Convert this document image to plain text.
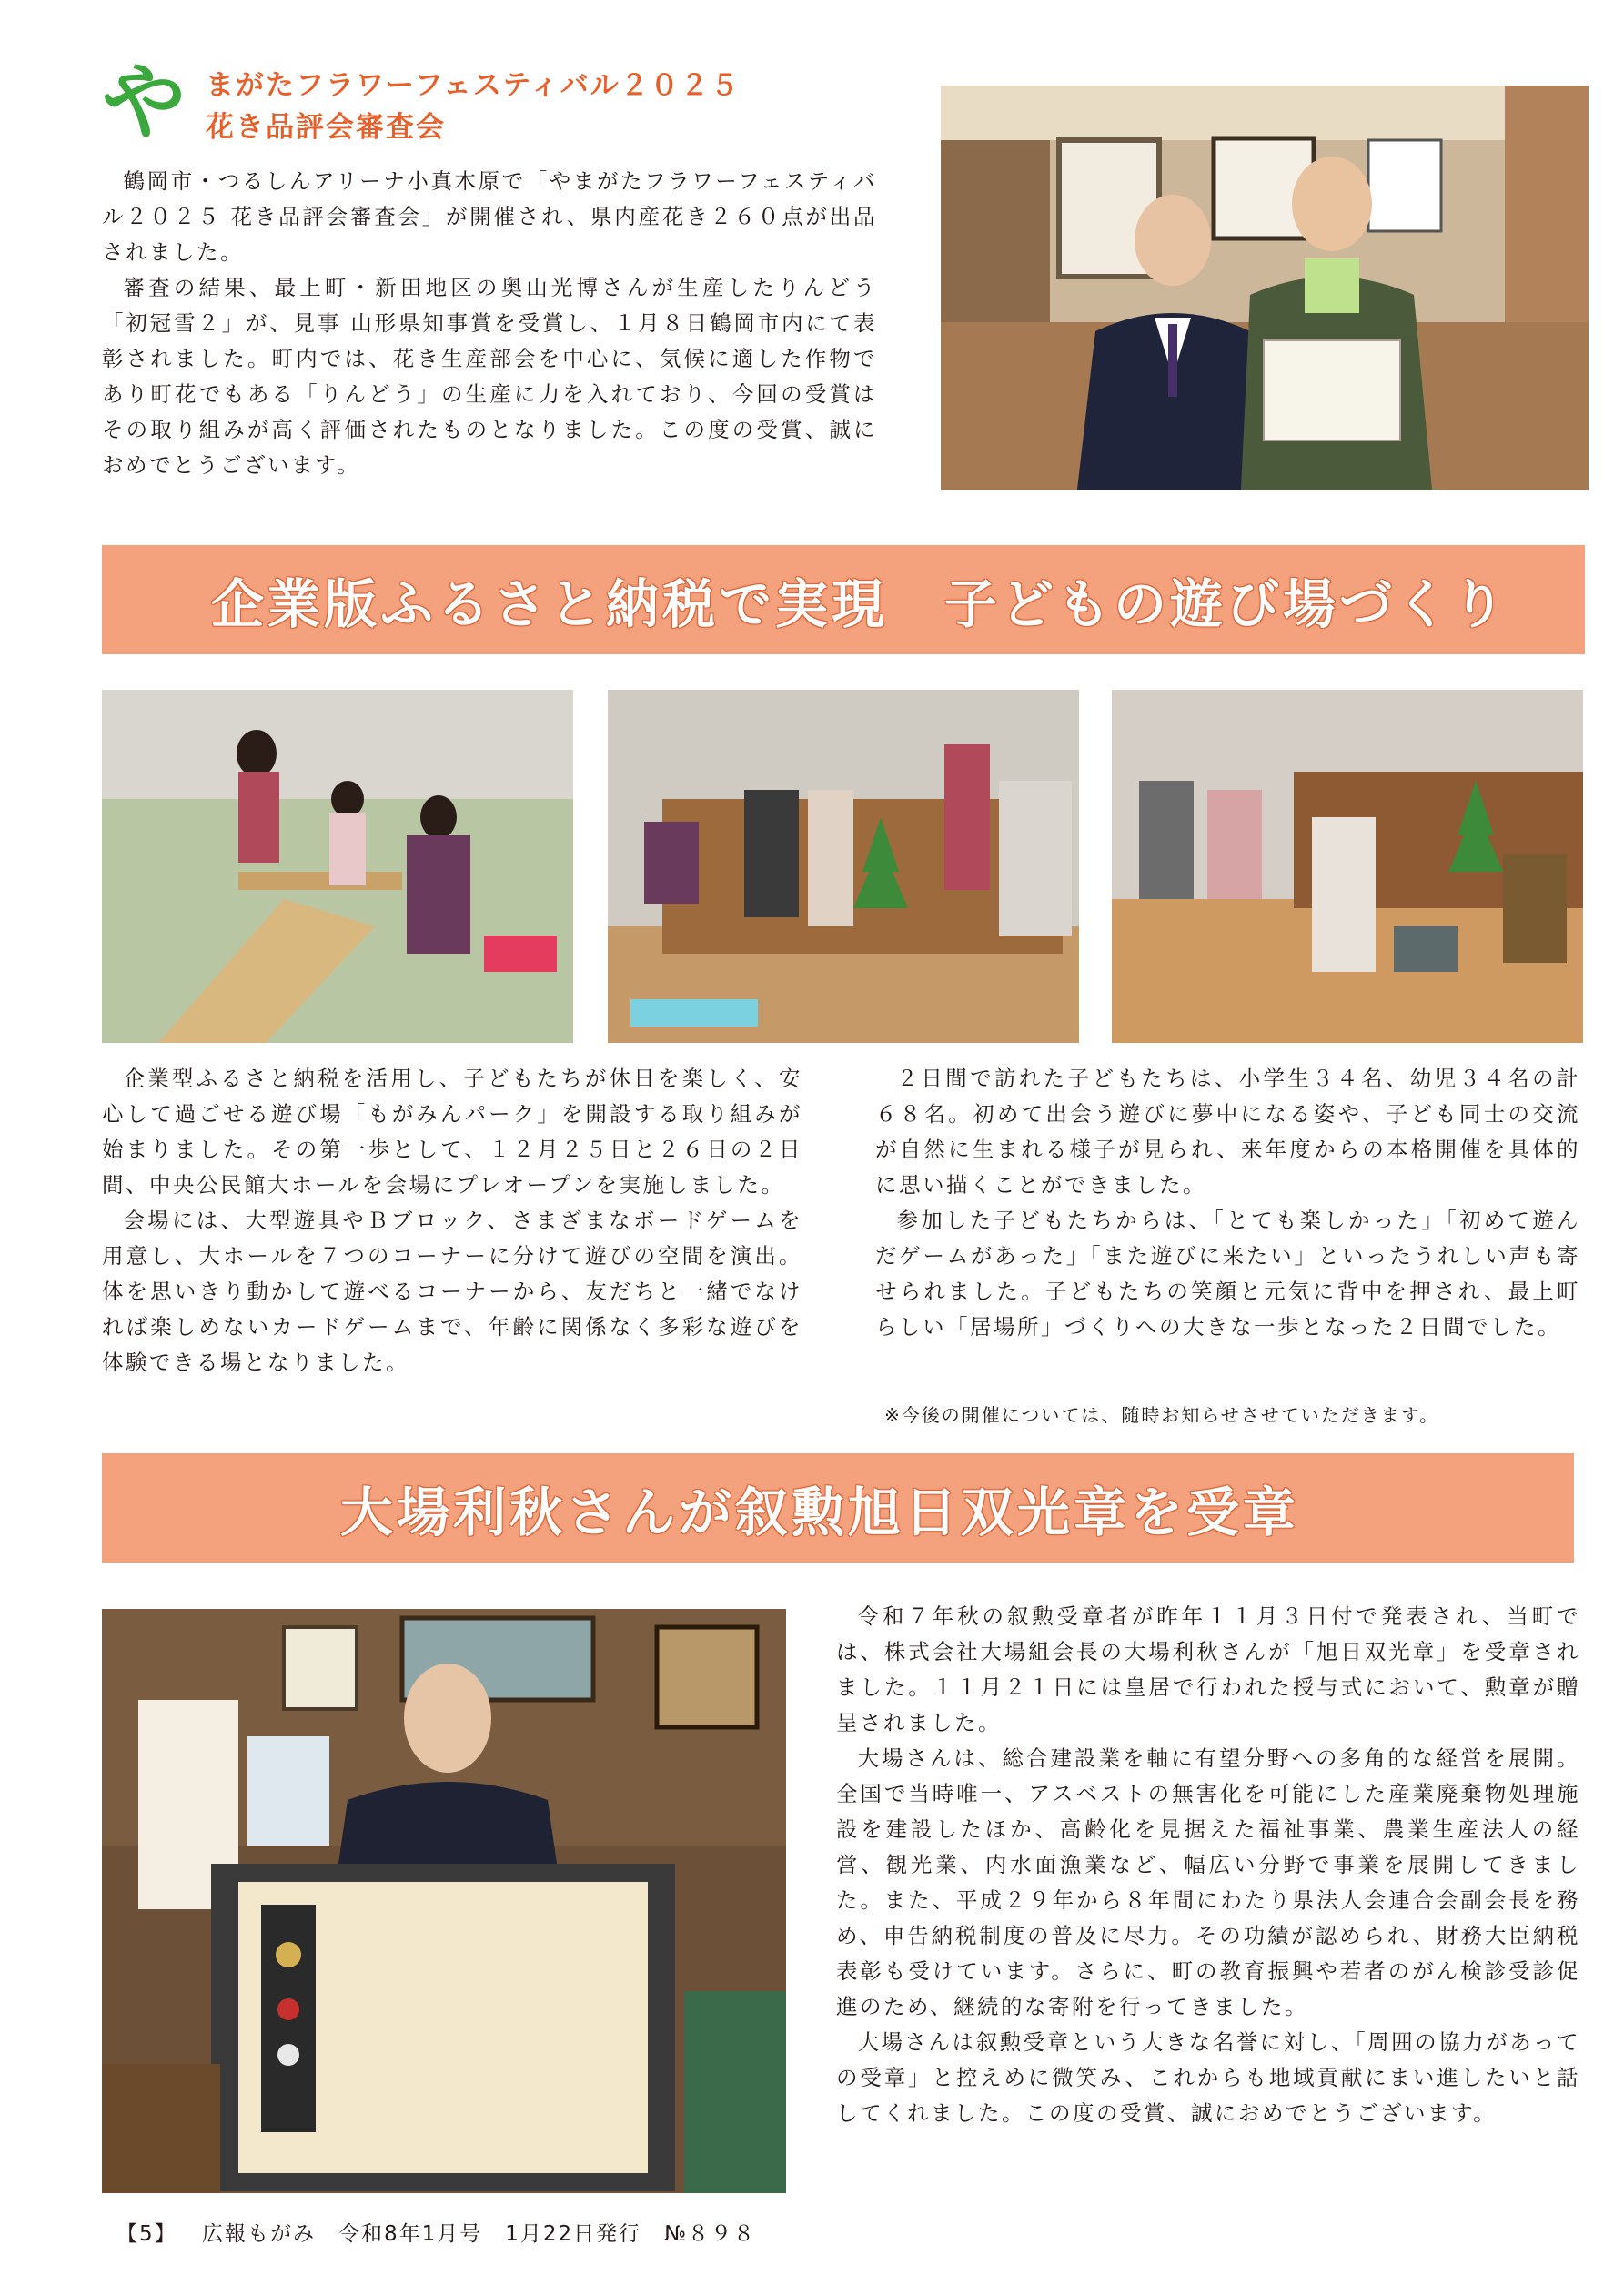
や まがたフラワーフェスティバル２０２５
花き品評会審査会

鶴岡市・つるしんアリーナ小真木原で「やまがたフラワーフェスティバル２０２５ 花き品評会審査会」が開催され、県内産花き２６０点が出品されました。

審査の結果、最上町・新田地区の奥山光博さんが生産したりんどう「初冠雪２」が、見事 山形県知事賞を受賞し、１月８日鶴岡市内にて表彰されました。町内では、花き生産部会を中心に、気候に適した作物であり町花でもある「りんどう」の生産に力を入れており、今回の受賞はその取り組みが高く評価されたものとなりました。この度の受賞、誠におめでとうございます。

企業版ふるさと納税で実現　子どもの遊び場づくり

企業型ふるさと納税を活用し、子どもたちが休日を楽しく、安心して過ごせる遊び場「もがみんパーク」を開設する取り組みが始まりました。その第一歩として、１２月２５日と２６日の２日間、中央公民館大ホールを会場にプレオープンを実施しました。

会場には、大型遊具やＢブロック、さまざまなボードゲームを用意し、大ホールを７つのコーナーに分けて遊びの空間を演出。体を思いきり動かして遊べるコーナーから、友だちと一緒でなければ楽しめないカードゲームまで、年齢に関係なく多彩な遊びを体験できる場となりました。

２日間で訪れた子どもたちは、小学生３４名、幼児３４名の計６８名。初めて出会う遊びに夢中になる姿や、子ども同士の交流が自然に生まれる様子が見られ、来年度からの本格開催を具体的に思い描くことができました。

参加した子どもたちからは、「とても楽しかった」「初めて遊んだゲームがあった」「また遊びに来たい」といったうれしい声も寄せられました。子どもたちの笑顔と元気に背中を押され、最上町らしい「居場所」づくりへの大きな一歩となった２日間でした。

※今後の開催については、随時お知らせさせていただきます。
大場利秋さんが叙勲旭日双光章を受章

令和７年秋の叙勲受章者が昨年１１月３日付で発表され、当町では、株式会社大場組会長の大場利秋さんが「旭日双光章」を受章されました。１１月２１日には皇居で行われた授与式において、勲章が贈呈されました。

大場さんは、総合建設業を軸に有望分野への多角的な経営を展開。全国で当時唯一、アスベストの無害化を可能にした産業廃棄物処理施設を建設したほか、高齢化を見据えた福祉事業、農業生産法人の経営、観光業、内水面漁業など、幅広い分野で事業を展開してきました。また、平成２９年から８年間にわたり県法人会連合会副会長を務め、申告納税制度の普及に尽力。その功績が認められ、財務大臣納税表彰も受けています。さらに、町の教育振興や若者のがん検診受診促進のため、継続的な寄附を行ってきました。

大場さんは叙勲受章という大きな名誉に対し、「周囲の協力があっての受章」と控えめに微笑み、これからも地域貢献にまい進したいと話してくれました。この度の受賞、誠におめでとうございます。

【5】 広報もがみ　令和8年1月号　1月22日発行　№８９８
